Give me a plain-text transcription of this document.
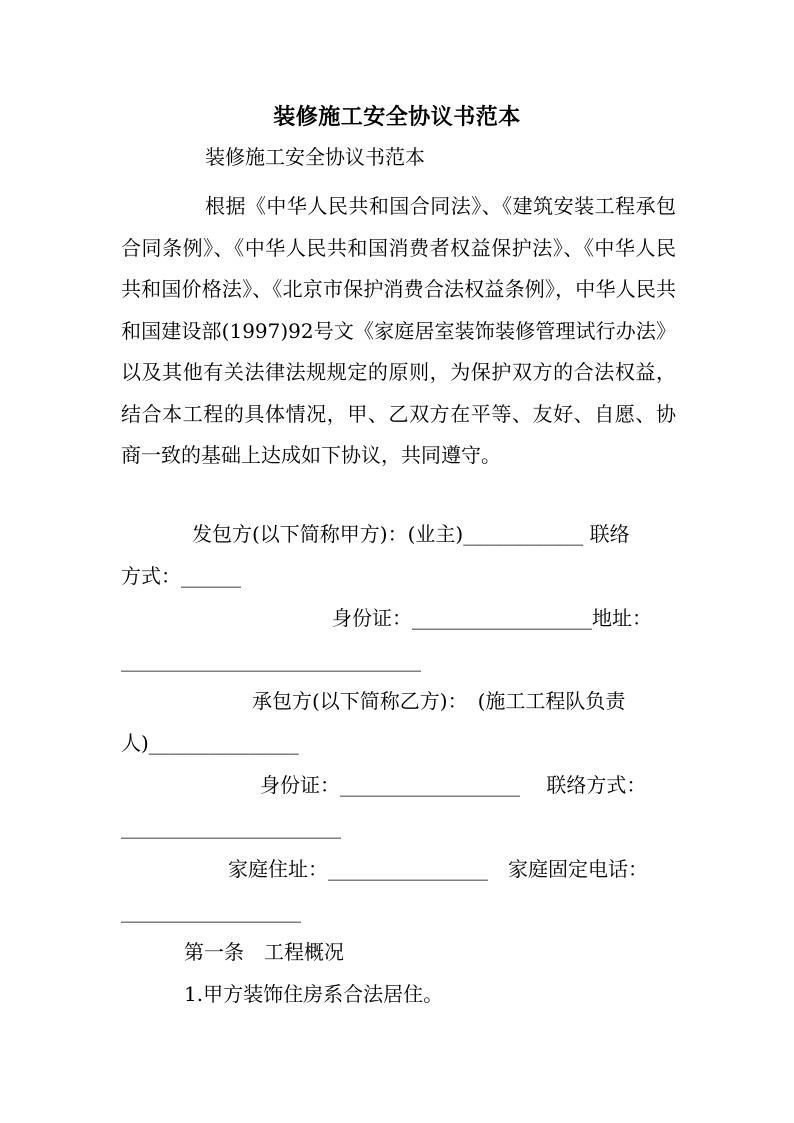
装修施工安全协议书范本
装修施工安全协议书范本

根据《中华人民共和国合同法》、《建筑安装工程承包合同条例》、《中华人民共和国消费者权益保护法》、《中华人民共和国价格法》、《北京市保护消费合法权益条例》，中华人民共和国建设部(1997)92号文《家庭居室装饰装修管理试行办法》以及其他有关法律法规规定的原则，为保护双方的合法权益，结合本工程的具体情况，甲、乙双方在平等、友好、自愿、协商一致的基础上达成如下协议，共同遵守。

发包方(以下简称甲方)：(业主)____________ 联络
方式：______
身份证：__________________地址：
______________________________
承包方(以下简称乙方)：　(施工工程队负责
人)_______________
身份证：__________________　 联络方式：
______________________
家庭住址：________________　家庭固定电话：
__________________
第一条　工程概况
1.甲方装饰住房系合法居住。
